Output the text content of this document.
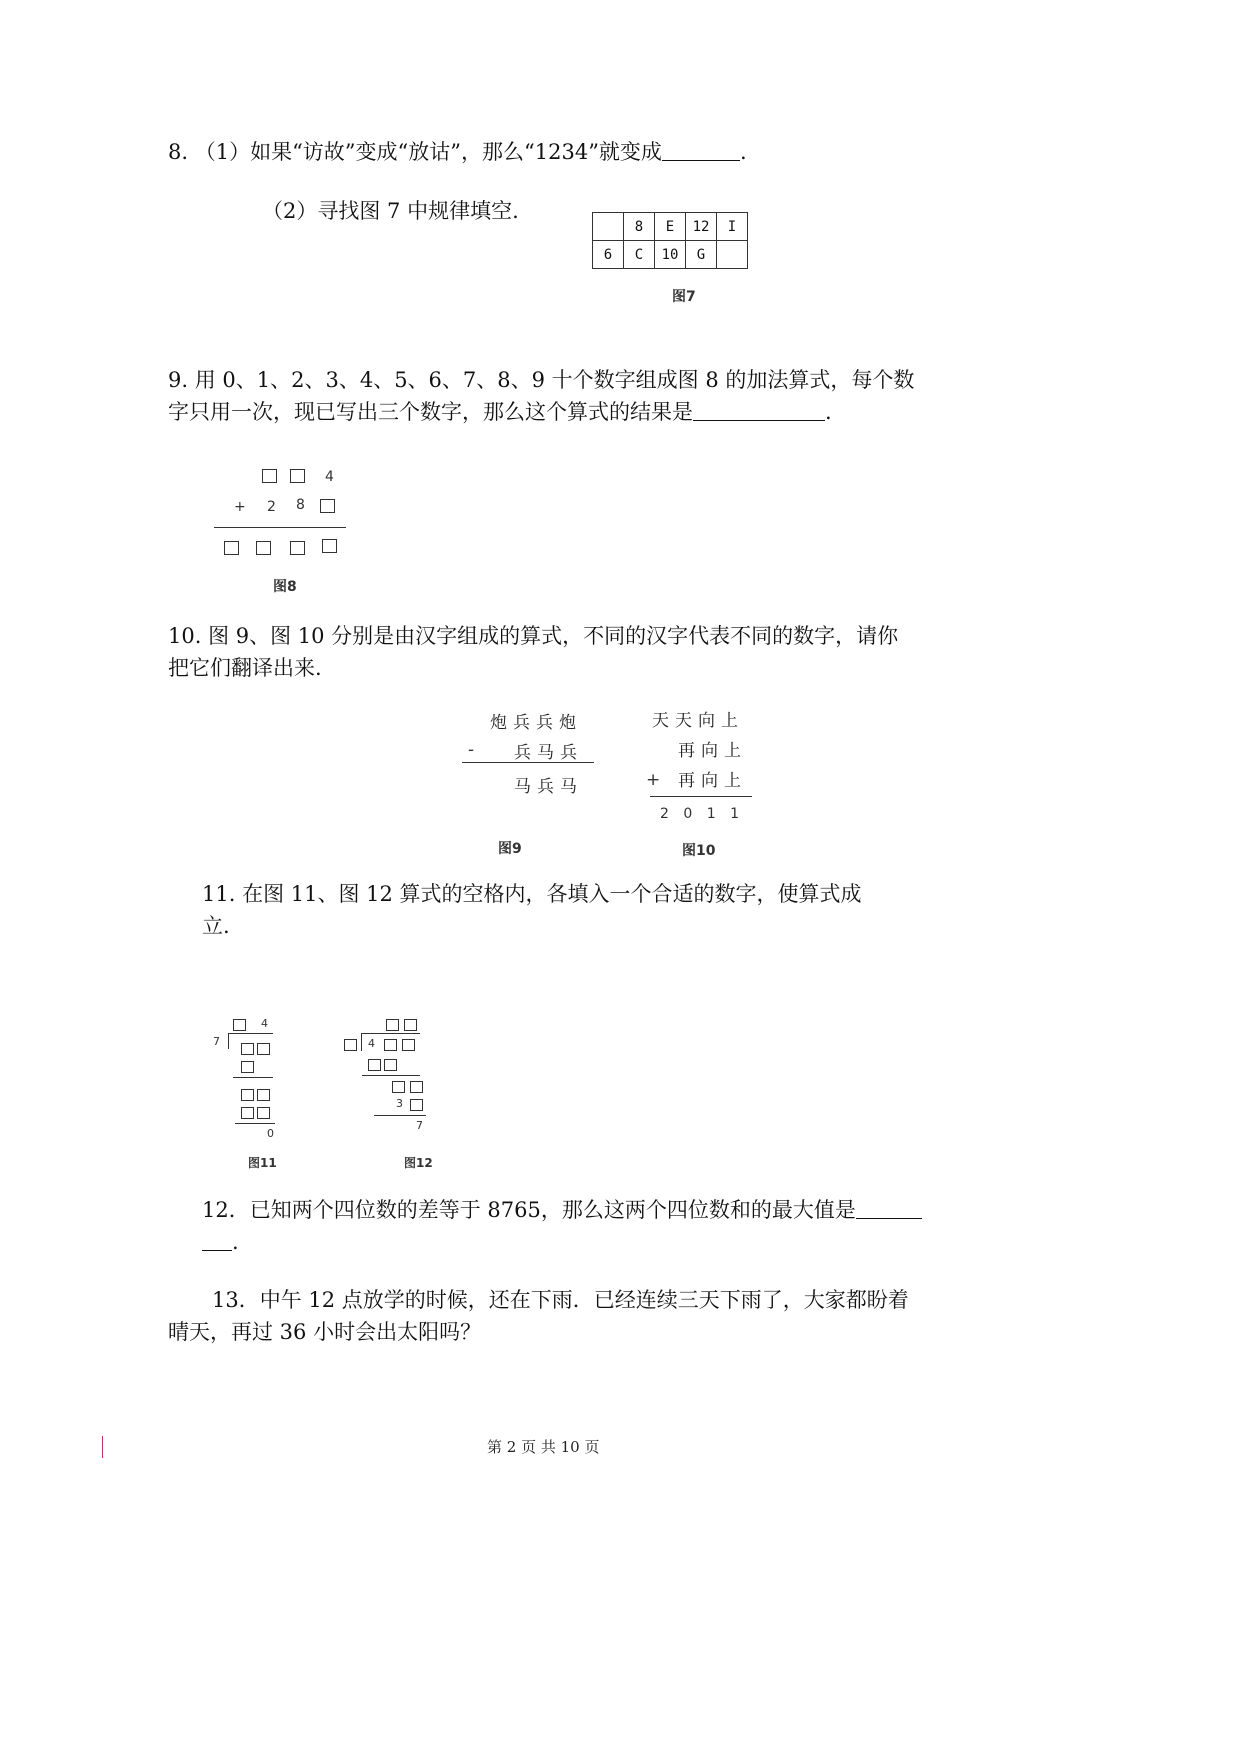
8. （1）如果“访故”变成“放诂”，那么“1234”就变成	.
（2）寻找图 7 中规律填空.
	8	E	12	I
6	C	10	G	
图7
9. 用 0、1、2、3、4、5、6、7、8、9 十个数字组成图 8 的加法算式，每个数
字只用一次，现已写出三个数字，那么这个算式的结果是	.
4
+ 2 8
图8
10. 图 9、图 10 分别是由汉字组成的算式，不同的汉字代表不同的数字，请你
把它们翻译出来.
炮兵兵炮
- 兵马兵
马兵马
图9
天天向上
再向上
+ 再向上
2 0 1 1
图10
11. 在图 11、图 12 算式的空格内，各填入一个合适的数字，使算式成
立.
4
7
0
图11
4
3
7
图12
12．已知两个四位数的差等于 8765，那么这两个四位数和的最大值是
.
13．中午 12 点放学的时候，还在下雨．已经连续三天下雨了，大家都盼着
晴天，再过 36 小时会出太阳吗？
第 2 页 共 10 页
